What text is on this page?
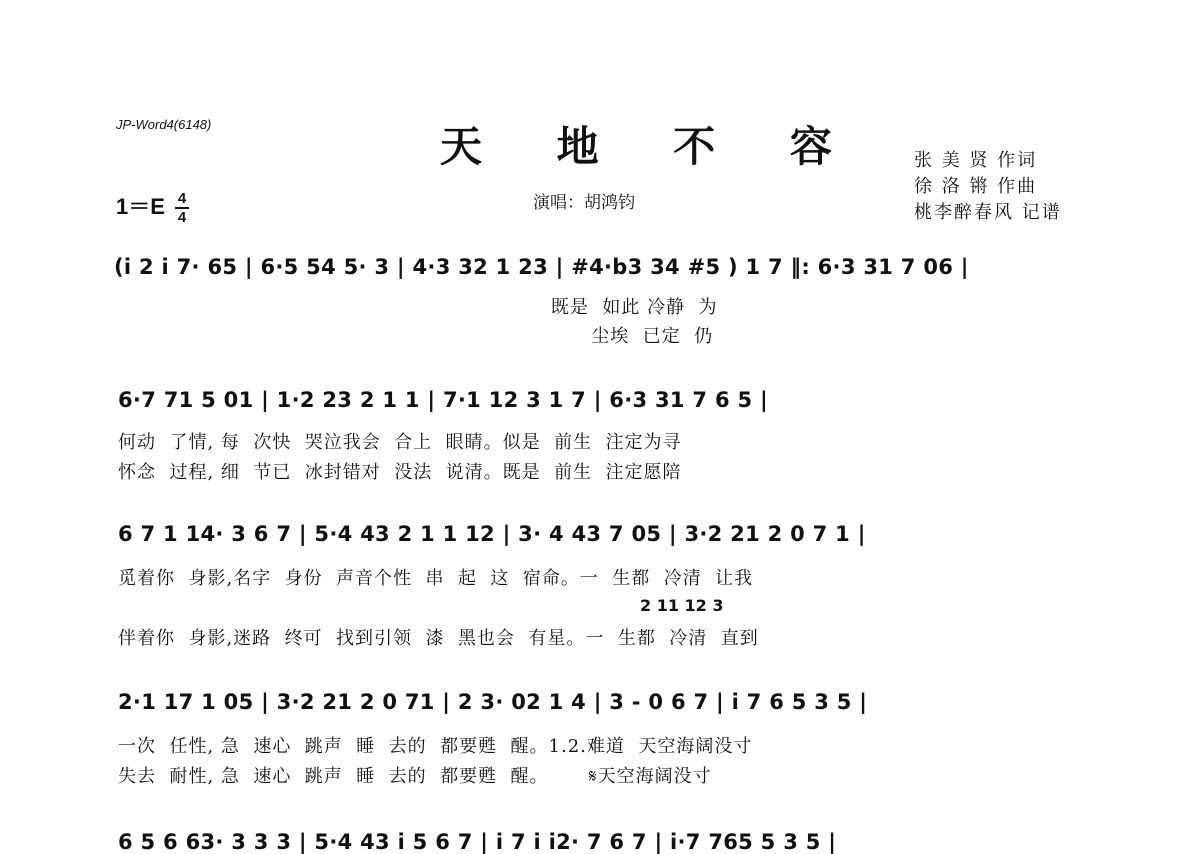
JP-Word4(6148)	天 地 不 容
演唱：胡鸿钧
$1=E \frac{4}{4}$
张 美 贤 作词
徐 洛 锵 作曲
桃李醉春风 记谱
(i 2 i 7· 65 | 6·5 54 5· 3 | 4·3 32 1 23 | #4·b3 34 #5 ) 1 7 ‖: 6·3 31 7 06 |
既是  如此 冷静  为
尘埃  已定  仍
6·7 71 5 01 | 1·2 23 2 1 1 | 7·1 12 3 1 7 | 6·3 31 7 6 5 |
何动  了情, 每  次快  哭泣我会  合上  眼睛。似是  前生  注定为寻
怀念  过程, 细  节已  冰封错对  没法  说清。既是  前生  注定愿陪
6 7 1 14· 3 6 7 | 5·4 43 2 1 1 12 | 3· 4 43 7 05 | 3·2 21 2 0 7 1 |
觅着你  身影,名字  身份  声音个性  串  起  这  宿命。一  生都  冷清  让我
2 11 12 3
伴着你  身影,迷路  终可  找到引领  漆  黑也会  有星。一  生都  冷清  直到
2·1 17 1 05 | 3·2 21 2 0 71 | 2 3· 02 1 4 | 3 - 0 6 7 | i 7 6 5 3 5 |
一次  任性, 急  速心  跳声  睡  去的  都要甦  醒。1.2.难道  天空海阔没寸
失去  耐性, 急  速心  跳声  睡  去的  都要甦  醒。      𝄋天空海阔没寸
6 5 6 63· 3 3 3 | 5·4 43 i 5 6 7 | i 7 i i2· 7 6 7 | i·7 765 5 3 5 |
